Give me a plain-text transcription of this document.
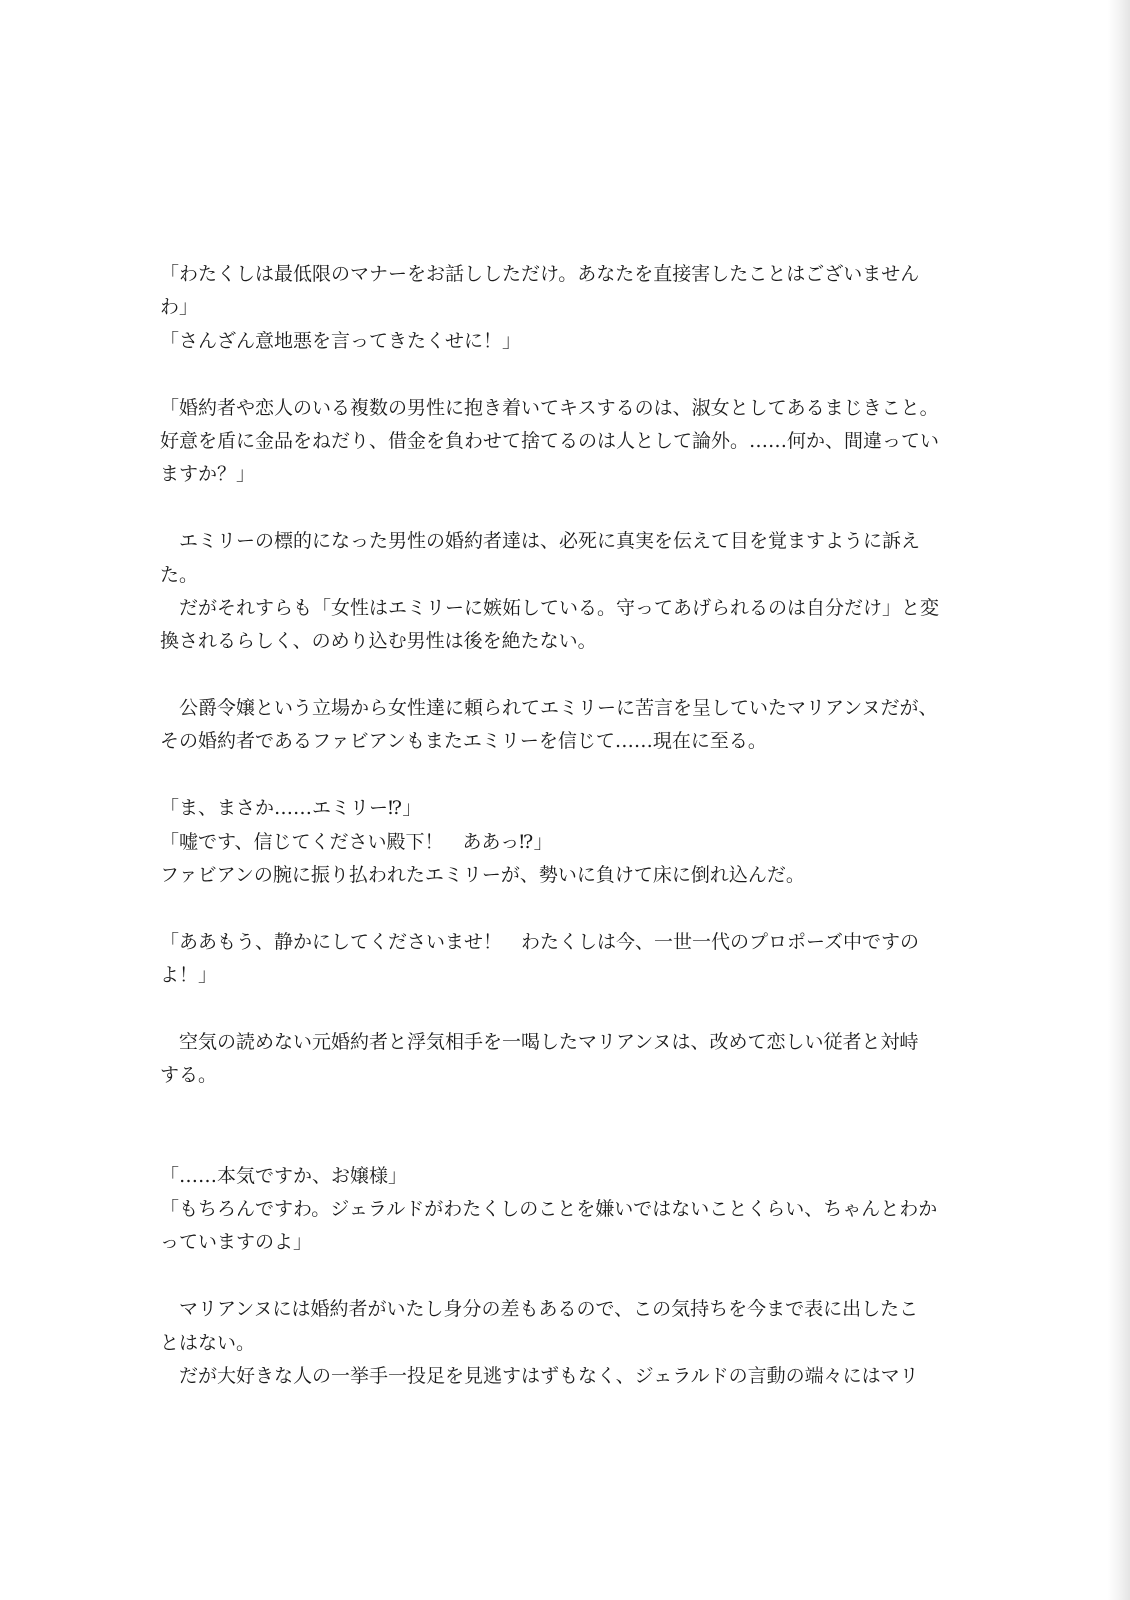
「わたくしは最低限のマナーをお話ししただけ。あなたを直接害したことはございません
わ」
「さんざん意地悪を言ってきたくせに！」
「婚約者や恋人のいる複数の男性に抱き着いてキスするのは、淑女としてあるまじきこと。
好意を盾に金品をねだり、借金を負わせて捨てるのは人として論外。……何か、間違ってい
ますか？」
　エミリーの標的になった男性の婚約者達は、必死に真実を伝えて目を覚ますように訴え
た。
　だがそれすらも「女性はエミリーに嫉妬している。守ってあげられるのは自分だけ」と変
換されるらしく、のめり込む男性は後を絶たない。
　公爵令嬢という立場から女性達に頼られてエミリーに苦言を呈していたマリアンヌだが、
その婚約者であるファビアンもまたエミリーを信じて……現在に至る。
「ま、まさか……エミリー⁉」
「嘘です、信じてください殿下！　ああっ⁉」
ファビアンの腕に振り払われたエミリーが、勢いに負けて床に倒れ込んだ。
「ああもう、静かにしてくださいませ！　わたくしは今、一世一代のプロポーズ中ですの
よ！」
　空気の読めない元婚約者と浮気相手を一喝したマリアンヌは、改めて恋しい従者と対峙
する。
「……本気ですか、お嬢様」
「もちろんですわ。ジェラルドがわたくしのことを嫌いではないことくらい、ちゃんとわか
っていますのよ」
　マリアンヌには婚約者がいたし身分の差もあるので、この気持ちを今まで表に出したこ
とはない。
　だが大好きな人の一挙手一投足を見逃すはずもなく、ジェラルドの言動の端々にはマリ
